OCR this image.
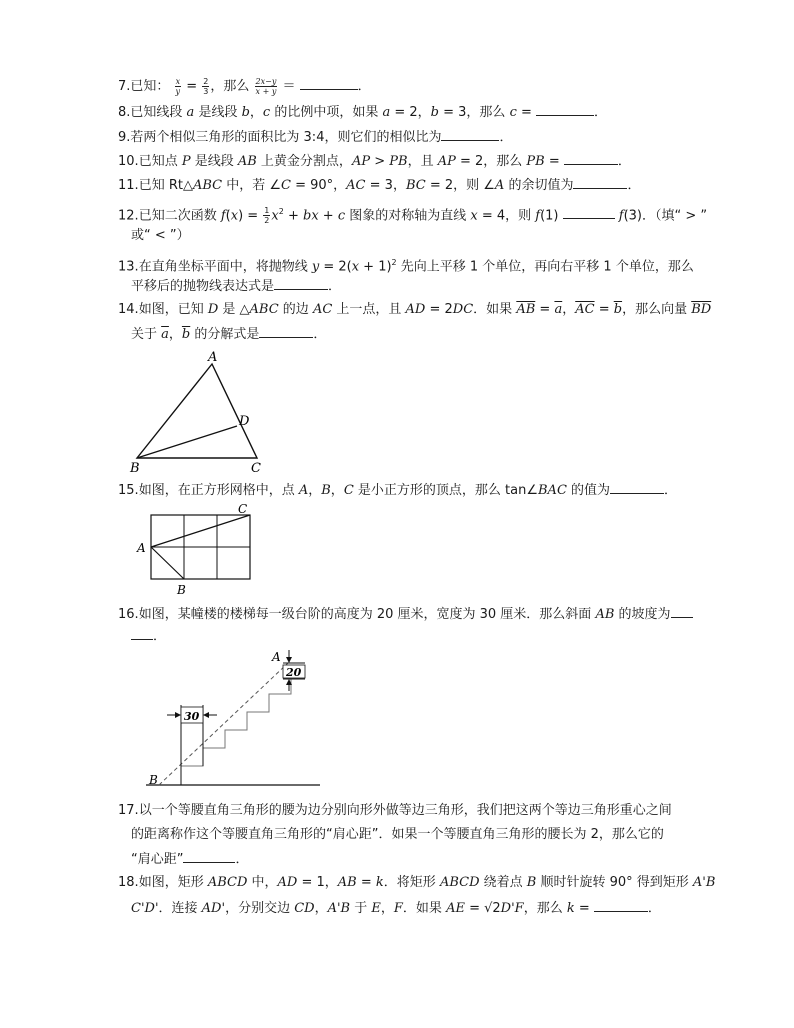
7.已知： $\frac{x}{y} = \frac{2}{3}$ ，那么 $\frac{2x-y}{x + y}$ ＝	．
8.已知线段 a 是线段 b，c 的比例中项，如果 a = 2，b = 3，那么 c =	．
9.若两个相似三角形的面积比为 3:4，则它们的相似比为	．
10.已知点 P 是线段 AB 上黄金分割点，AP > PB，且 AP = 2，那么 PB =	．
11.已知 Rt△ABC 中，若 ∠C = 90°，AC = 3，BC = 2，则 ∠A 的余切值为	．
12.已知二次函数 $f(x) = \frac{1}{2} x^2$ + bx + c 图象的对称轴为直线 x = 4，则 f(1)	f(3)．（填“ > ”
或“ < ”）
13.在直角坐标平面中，将抛物线 $y = 2(x + 1)^2$ 先向上平移 1 个单位，再向右平移 1 个单位，那么
平移后的抛物线表达式是	．
14.如图，已知 D 是 △ABC 的边 AC 上一点，且 AD = 2DC．如果 $\overline{AB} = \overline{a}$，$\overline{AC} = \overline{b}$，那么向量 $\overline{BD}$
关于 $\overline{a}$，$\overline{b}$ 的分解式是	．
A
B	C
D
15.如图，在正方形网格中，点 A，B，C 是小正方形的顶点，那么 tan∠BAC 的值为	．
A
B
C
16.如图，某幢楼的楼梯每一级台阶的高度为 20 厘米，宽度为 30 厘米．那么斜面 AB 的坡度为
．
30
20
A
B
17.以一个等腰直角三角形的腰为边分别向形外做等边三角形，我们把这两个等边三角形重心之间
的距离称作这个等腰直角三角形的“肩心距”．如果一个等腰直角三角形的腰长为 2，那么它的
“肩心距”	．
18.如图，矩形 ABCD 中，AD = 1，AB = k．将矩形 ABCD 绕着点 B 顺时针旋转 90° 得到矩形 A'B
C'D'．连接 AD'，分别交边 CD，A'B 于 E，F．如果 AE = √2D'F，那么 k =	．
